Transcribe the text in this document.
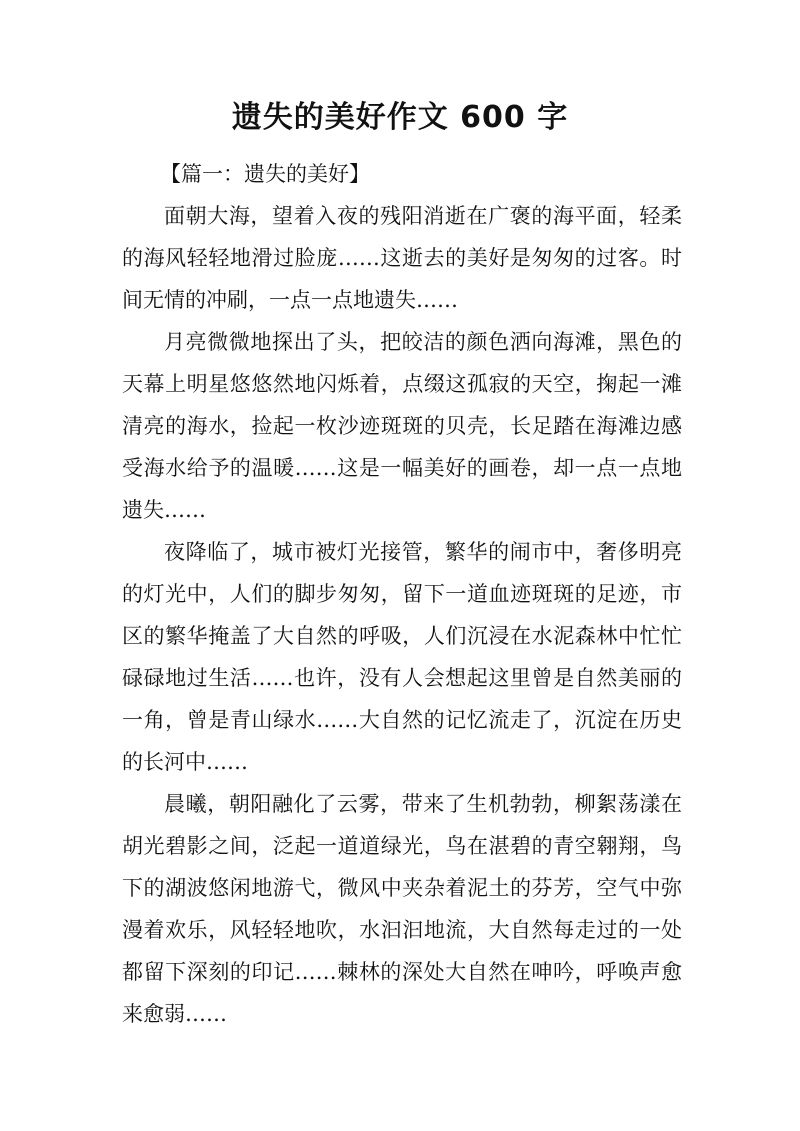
遗失的美好作文 600 字
【篇一：遗失的美好】
面朝大海，望着入夜的残阳消逝在广褒的海平面，轻柔
的海风轻轻地滑过脸庞……这逝去的美好是匆匆的过客。时
间无情的冲刷，一点一点地遗失……
月亮微微地探出了头，把皎洁的颜色洒向海滩，黑色的
天幕上明星悠悠然地闪烁着，点缀这孤寂的天空，掬起一滩
清亮的海水，捡起一枚沙迹斑斑的贝壳，长足踏在海滩边感
受海水给予的温暖……这是一幅美好的画卷，却一点一点地
遗失……
夜降临了，城市被灯光接管，繁华的闹市中，奢侈明亮
的灯光中，人们的脚步匆匆，留下一道血迹斑斑的足迹，市
区的繁华掩盖了大自然的呼吸，人们沉浸在水泥森林中忙忙
碌碌地过生活……也许，没有人会想起这里曾是自然美丽的
一角，曾是青山绿水……大自然的记忆流走了，沉淀在历史
的长河中……
晨曦，朝阳融化了云雾，带来了生机勃勃，柳絮荡漾在
胡光碧影之间，泛起一道道绿光，鸟在湛碧的青空翱翔，鸟
下的湖波悠闲地游弋，微风中夹杂着泥土的芬芳，空气中弥
漫着欢乐，风轻轻地吹，水汩汩地流，大自然每走过的一处
都留下深刻的印记……棘林的深处大自然在呻吟，呼唤声愈
来愈弱……
